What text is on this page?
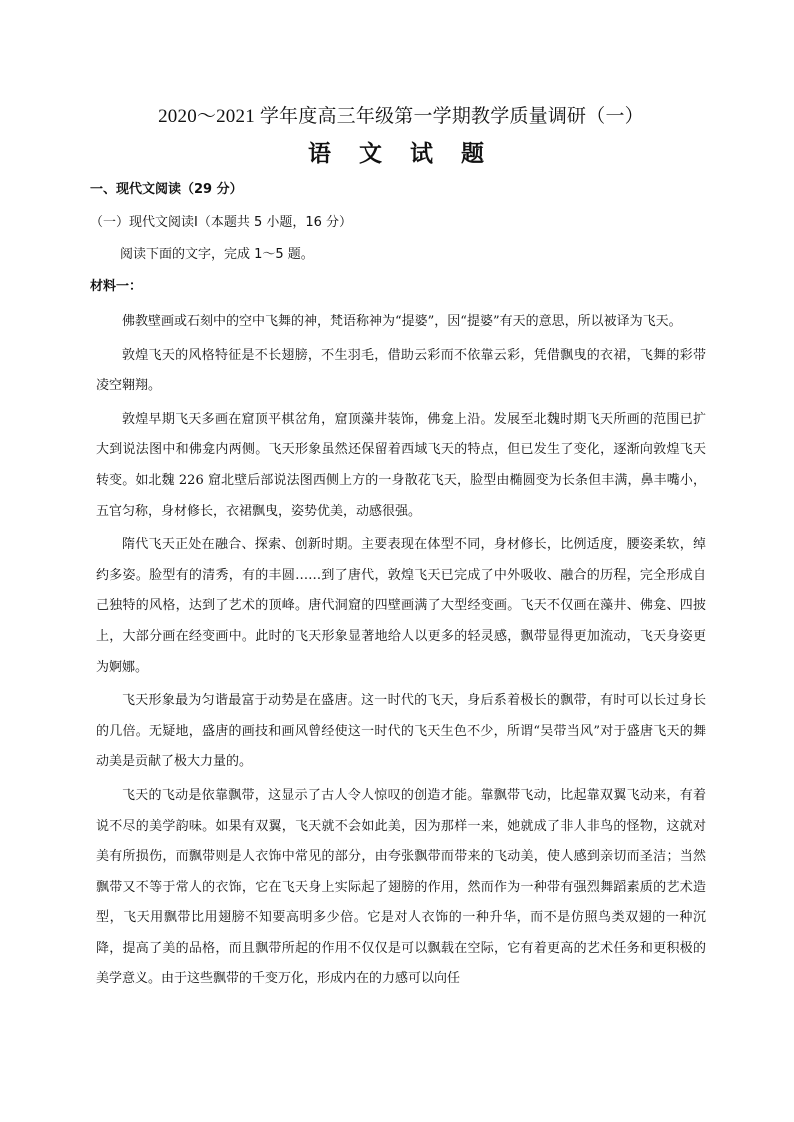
2020～2021 学年度高三年级第一学期教学质量调研（一）
语 文 试 题
一、现代文阅读（29 分）
（一）现代文阅读Ⅰ（本题共 5 小题，16 分）
阅读下面的文字，完成 1～5 题。
材料一：

佛教壁画或石刻中的空中飞舞的神，梵语称神为“提婆”，因“提婆”有天的意思，所以被译为飞天。

敦煌飞天的风格特征是不长翅膀，不生羽毛，借助云彩而不依靠云彩，凭借飘曳的衣裙，飞舞的彩带凌空翱翔。

敦煌早期飞天多画在窟顶平棋岔角，窟顶藻井装饰，佛龛上沿。发展至北魏时期飞天所画的范围已扩大到说法图中和佛龛内两侧。飞天形象虽然还保留着西域飞天的特点，但已发生了变化，逐渐向敦煌飞天转变。如北魏 226 窟北壁后部说法图西侧上方的一身散花飞天，脸型由椭圆变为长条但丰满，鼻丰嘴小，五官匀称，身材修长，衣裙飘曳，姿势优美，动感很强。

隋代飞天正处在融合、探索、创新时期。主要表现在体型不同，身材修长，比例适度，腰姿柔软，绰约多姿。脸型有的清秀，有的丰圆……到了唐代，敦煌飞天已完成了中外吸收、融合的历程，完全形成自己独特的风格，达到了艺术的顶峰。唐代洞窟的四壁画满了大型经变画。飞天不仅画在藻井、佛龛、四披上，大部分画在经变画中。此时的飞天形象显著地给人以更多的轻灵感，飘带显得更加流动，飞天身姿更为婀娜。

飞天形象最为匀谐最富于动势是在盛唐。这一时代的飞天，身后系着极长的飘带，有时可以长过身长的几倍。无疑地，盛唐的画技和画风曾经使这一时代的飞天生色不少，所谓“吴带当风”对于盛唐飞天的舞动美是贡献了极大力量的。

飞天的飞动是依靠飘带，这显示了古人令人惊叹的创造才能。靠飘带飞动，比起靠双翼飞动来，有着说不尽的美学韵味。如果有双翼，飞天就不会如此美，因为那样一来，她就成了非人非鸟的怪物，这就对美有所损伤，而飘带则是人衣饰中常见的部分，由夸张飘带而带来的飞动美，使人感到亲切而圣洁；当然飘带又不等于常人的衣饰，它在飞天身上实际起了翅膀的作用，然而作为一种带有强烈舞蹈素质的艺术造型，飞天用飘带比用翅膀不知要高明多少倍。它是对人衣饰的一种升华，而不是仿照鸟类双翅的一种沉降，提高了美的品格，而且飘带所起的作用不仅仅是可以飘载在空际，它有着更高的艺术任务和更积极的美学意义。由于这些飘带的千变万化，形成内在的力感可以向任
